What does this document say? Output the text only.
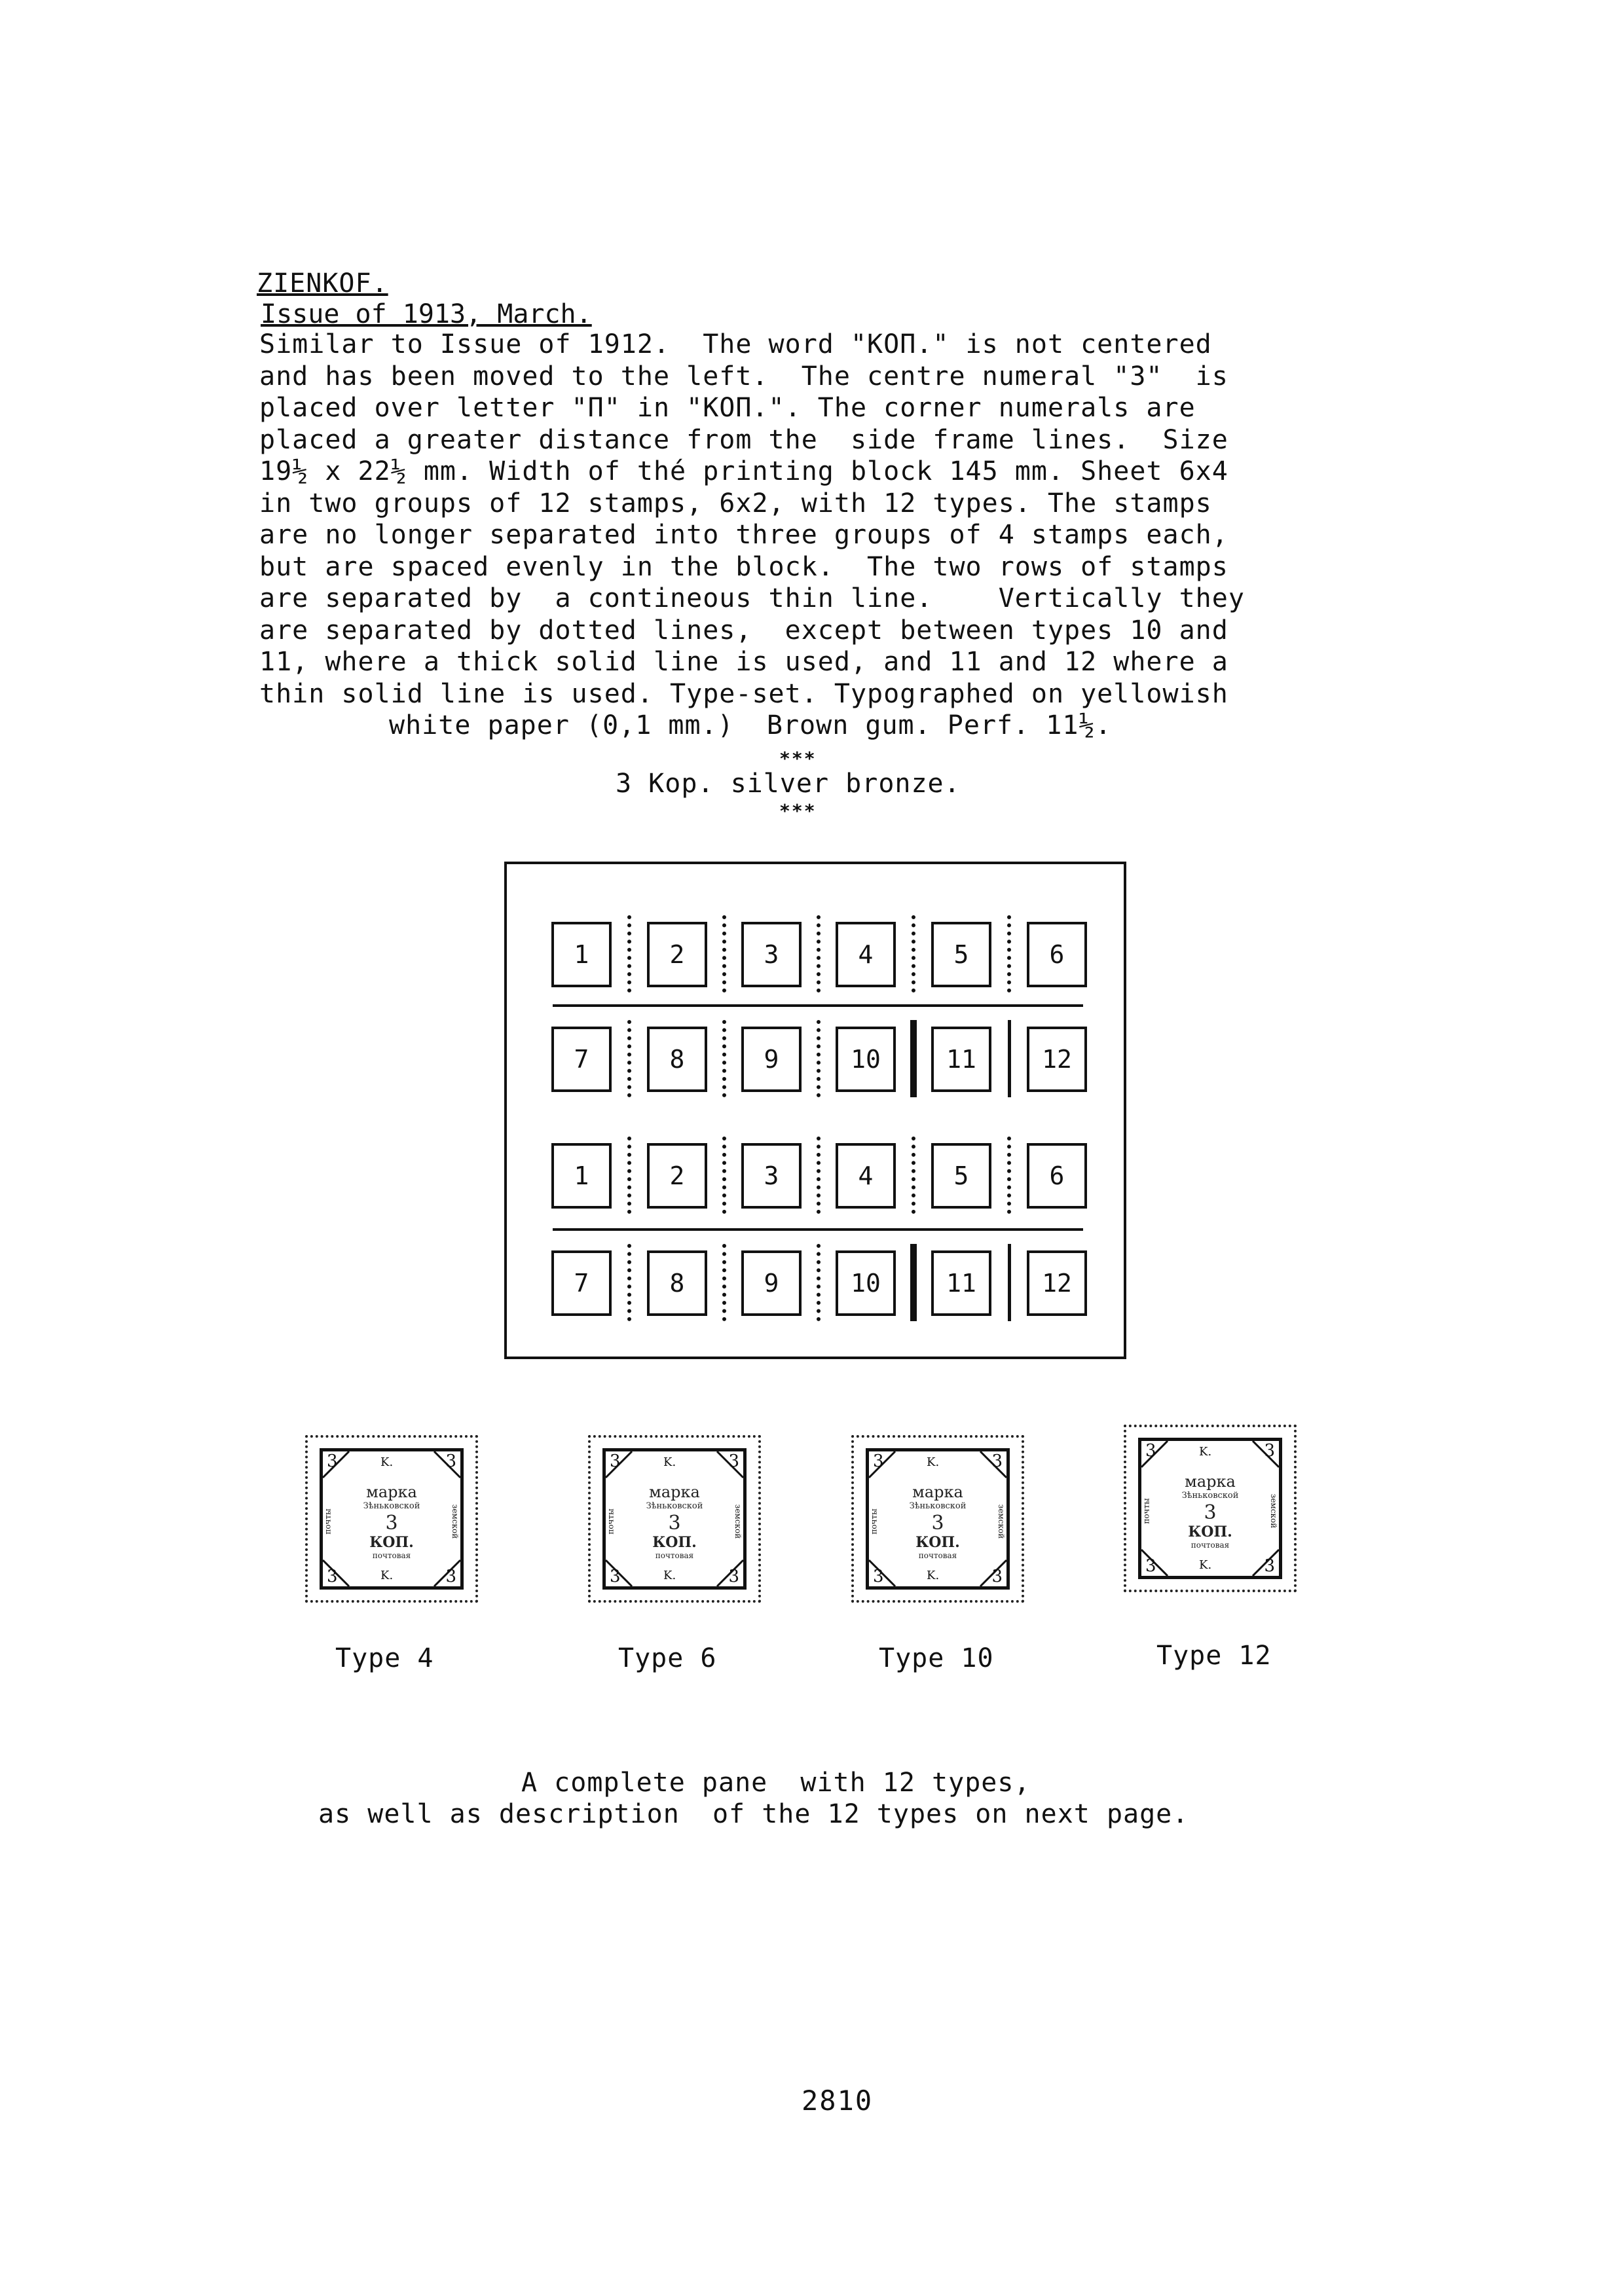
ZIENKOF.
Issue of 1913, March.
Similar to Issue of 1912.  The word "KOП." is not centered
and has been moved to the left.  The centre numeral "3"  is
placed over letter "П" in "KOП.". The corner numerals are
placed a greater distance from the  side frame lines.  Size
19½ x 22½ mm. Width of thé printing block 145 mm. Sheet 6x4
in two groups of 12 stamps, 6x2, with 12 types. The stamps
are no longer separated into three groups of 4 stamps each,
but are spaced evenly in the block.  The two rows of stamps
are separated by  a contineous thin line.    Vertically they
are separated by dotted lines,  except between types 10 and
11, where a thick solid line is used, and 11 and 12 where a
thin solid line is used. Type-set. Typographed on yellowish
white paper (0,1 mm.)  Brown gum. Perf. 11½.
***
3 Kop. silver bronze.
***
1	2	3	4	5	6
7	8	9	10	11	12
1	2	3	4	5	6
7	8	9	10	11	12
3	3
3	3
K.
K.
марка
Зѣньковской
3
КОП.
почтовая
почты	земской
3	3
3	3
K.
K.
марка
Зѣньковской
3
КОП.
почтовая
почты	земской
3	3
3	3
K.
K.
марка
Зѣньковской
3
КОП.
почтовая
почты	земской
3	3
3	3
K.
K.
марка
Зѣньковской
3
КОП.
почтовая
почты	земской
Type 4	Type 6	Type 10	Type 12
A complete pane  with 12 types,
as well as description  of the 12 types on next page.
2810
